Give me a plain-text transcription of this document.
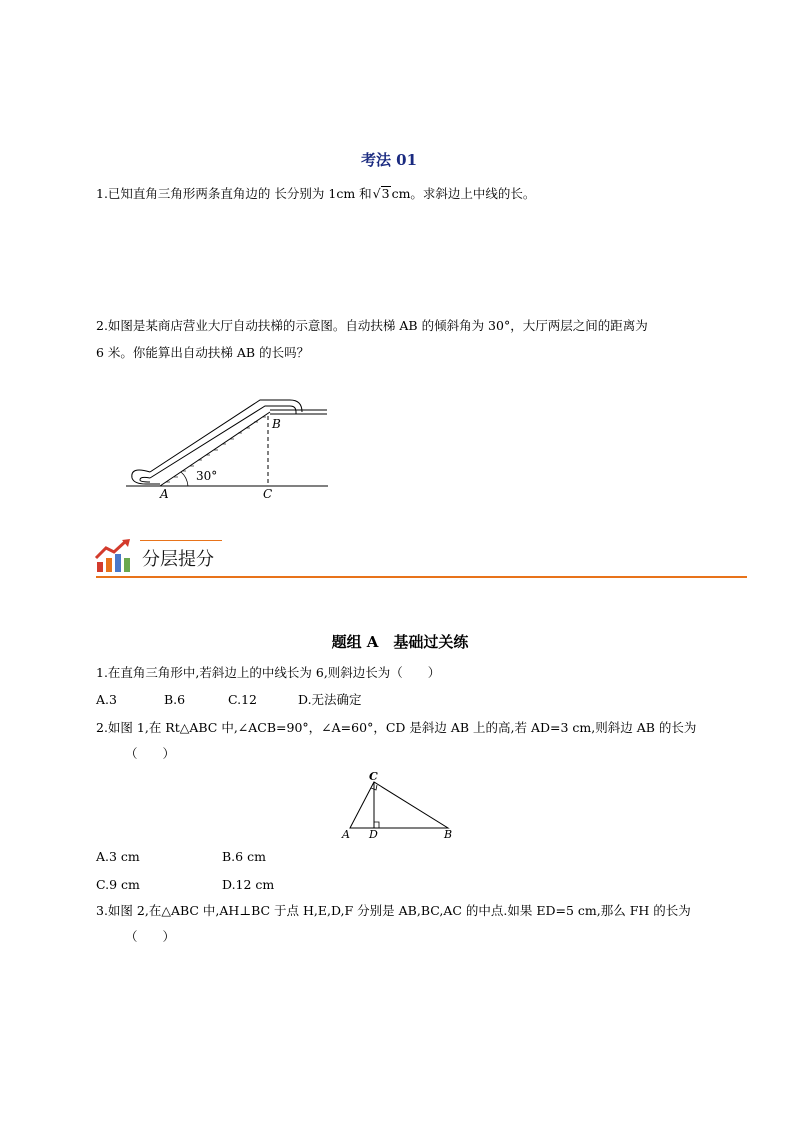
考法 01
1.已知直角三角形两条直角边的 长分别为 1cm 和√3 cm。求斜边上中线的长。
2.如图是某商店营业大厅自动扶梯的示意图。自动扶梯 AB 的倾斜角为 30°，大厅两层之间的距离为
6 米。你能算出自动扶梯 AB 的长吗？
30°
A
B
C
分层提分
题组 A　基础过关练
1.在直角三角形中,若斜边上的中线长为 6,则斜边长为（　　）
A.3	B.6	C.12	D.无法确定
2.如图 1,在 Rt△ABC 中,∠ACB=90°，∠A=60°，CD 是斜边 AB 上的高,若 AD=3 cm,则斜边 AB 的长为
（　　）
A
C
D	B
A.3 cm	B.6 cm
C.9 cm	D.12 cm
3.如图 2,在△ABC 中,AH⊥BC 于点 H,E,D,F 分别是 AB,BC,AC 的中点.如果 ED=5 cm,那么 FH 的长为
（　　）
